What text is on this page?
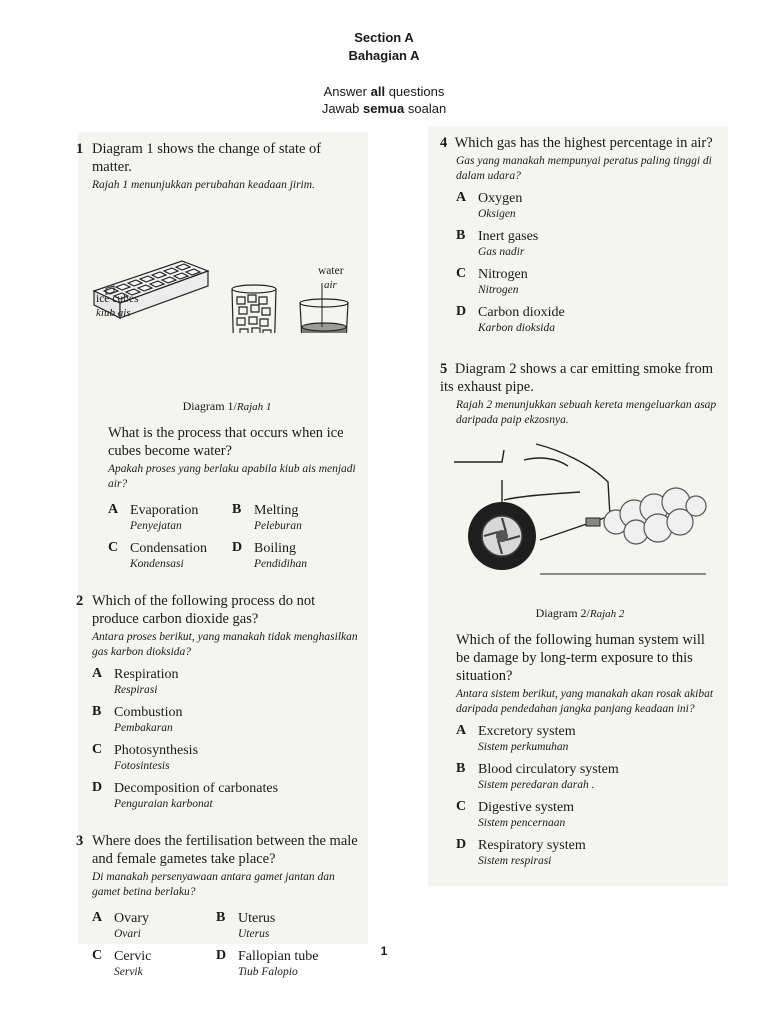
Section A
Bahagian A
Answer all questions
Jawab semua soalan
1 Diagram 1 shows the change of state of matter.
Rajah 1 menunjukkan perubahan keadaan jirim.
water
air
ice cubes
kiub ais
Diagram 1/Rajah 1
What is the process that occurs when ice cubes become water?
Apakah proses yang berlaku apabila kiub ais menjadi air?
A Evaporation
Penyejatan
B Melting
Peleburan
C Condensation
Kondensasi
D Boiling
Pendidihan
2 Which of the following process do not produce carbon dioxide gas?
Antara proses berikut, yang manakah tidak menghasilkan gas karbon dioksida?
A Respiration
Respirasi
B Combustion
Pembakaran
C Photosynthesis
Fotosintesis
D Decomposition of carbonates
Penguraian karbonat
3 Where does the fertilisation between the male and female gametes take place?
Di manakah persenyawaan antara gamet jantan dan gamet betina berlaku?
A Ovary
Ovari
B Uterus
Uterus
C Cervic
Servik
D Fallopian tube
Tiub Falopio
4 Which gas has the highest percentage in air?
Gas yang manakah mempunyai peratus paling tinggi di dalam udara?
A Oxygen
Oksigen
B Inert gases
Gas nadir
C Nitrogen
Nitrogen
D Carbon dioxide
Karbon dioksida
5 Diagram 2 shows a car emitting smoke from its exhaust pipe.
Rajah 2 menunjukkan sebuah kereta mengeluarkan asap daripada paip ekzosnya.
Diagram 2/Rajah 2
Which of the following human system will be damage by long-term exposure to this situation?
Antara sistem berikut, yang manakah akan rosak akibat daripada pendedahan jangka panjang keadaan ini?
A Excretory system
Sistem perkumuhan
B Blood circulatory system
Sistem peredaran darah .
C Digestive system
Sistem pencernaan
D Respiratory system
Sistem respirasi
1
